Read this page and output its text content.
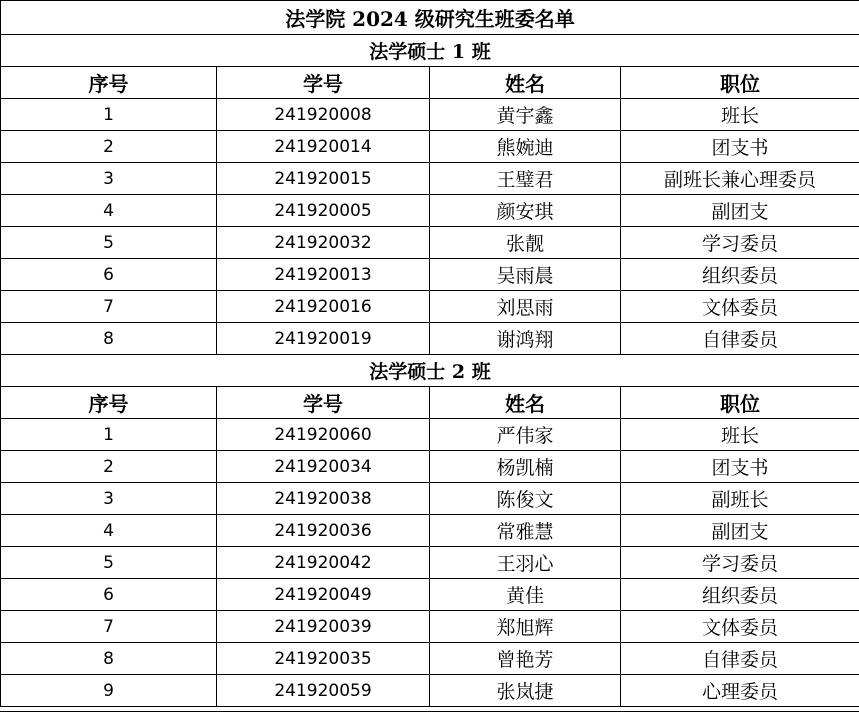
法学院 2024 级研究生班委名单			
法学硕士 1 班			
序号	学号	姓名	职位
1	241920008	黄宇鑫	班长
2	241920014	熊婉迪	团支书
3	241920015	王璧君	副班长兼心理委员
4	241920005	颜安琪	副团支
5	241920032	张靓	学习委员
6	241920013	吴雨晨	组织委员
7	241920016	刘思雨	文体委员
8	241920019	谢鸿翔	自律委员
法学硕士 2 班			
序号	学号	姓名	职位
1	241920060	严伟家	班长
2	241920034	杨凯楠	团支书
3	241920038	陈俊文	副班长
4	241920036	常雅慧	副团支
5	241920042	王羽心	学习委员
6	241920049	黄佳	组织委员
7	241920039	郑旭辉	文体委员
8	241920035	曾艳芳	自律委员
9	241920059	张岚捷	心理委员
